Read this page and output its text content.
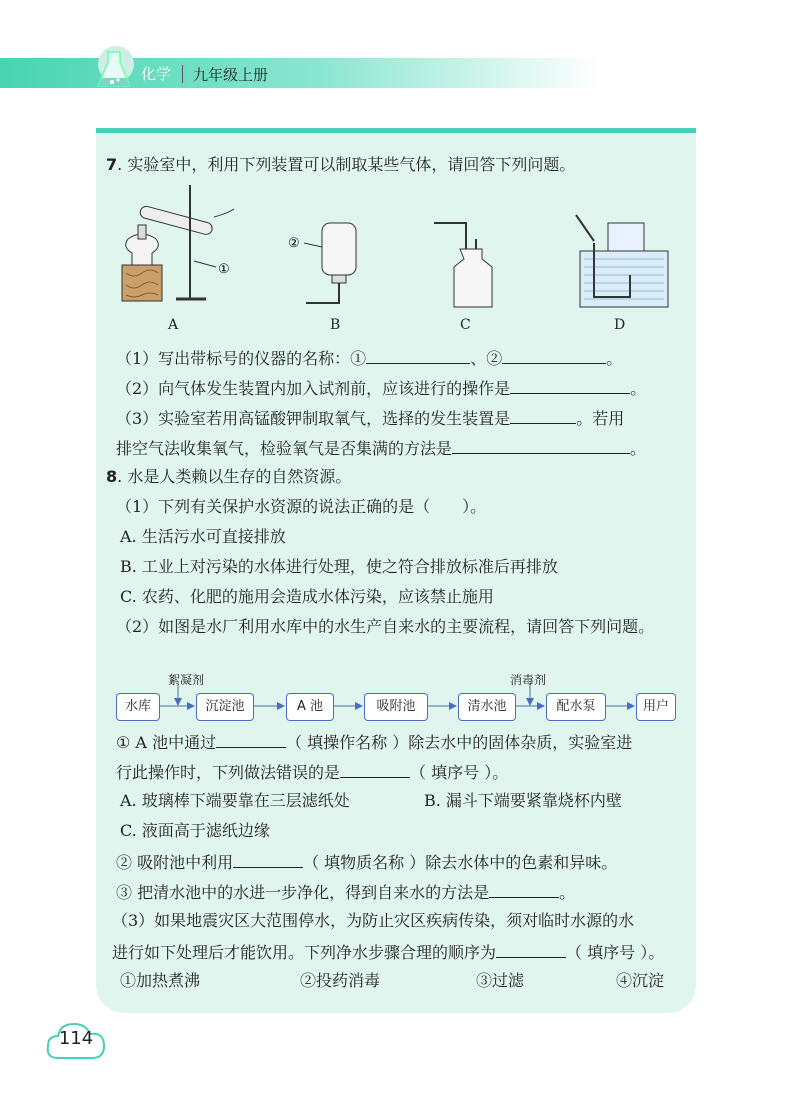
化学	九年级上册
7. 实验室中，利用下列装置可以制取某些气体，请回答下列问题。
①
②
A	B	C	D
（1）写出带标号的仪器的名称：①	、②	。
（2）向气体发生装置内加入试剂前，应该进行的操作是	。
（3）实验室若用高锰酸钾制取氧气，选择的发生装置是	。若用
排空气法收集氧气，检验氧气是否集满的方法是	。
8. 水是人类赖以生存的自然资源。
（1）下列有关保护水资源的说法正确的是（　　）。
A. 生活污水可直接排放
B. 工业上对污染的水体进行处理，使之符合排放标准后再排放
C. 农药、化肥的施用会造成水体污染，应该禁止施用
（2）如图是水厂利用水库中的水生产自来水的主要流程，请回答下列问题。
絮凝剂	消毒剂
水库	沉淀池	A 池	吸附池	清水池	配水泵	用户
① A 池中通过	（ 填操作名称 ）除去水中的固体杂质，实验室进
行此操作时，下列做法错误的是	（ 填序号 ）。
A. 玻璃棒下端要靠在三层滤纸处	B. 漏斗下端要紧靠烧杯内壁
C. 液面高于滤纸边缘
② 吸附池中利用	（ 填物质名称 ）除去水体中的色素和异味。
③ 把清水池中的水进一步净化，得到自来水的方法是	。
（3）如果地震灾区大范围停水，为防止灾区疾病传染，须对临时水源的水
进行如下处理后才能饮用。下列净水步骤合理的顺序为	（ 填序号 ）。
①加热煮沸	②投药消毒	③过滤	④沉淀
114
